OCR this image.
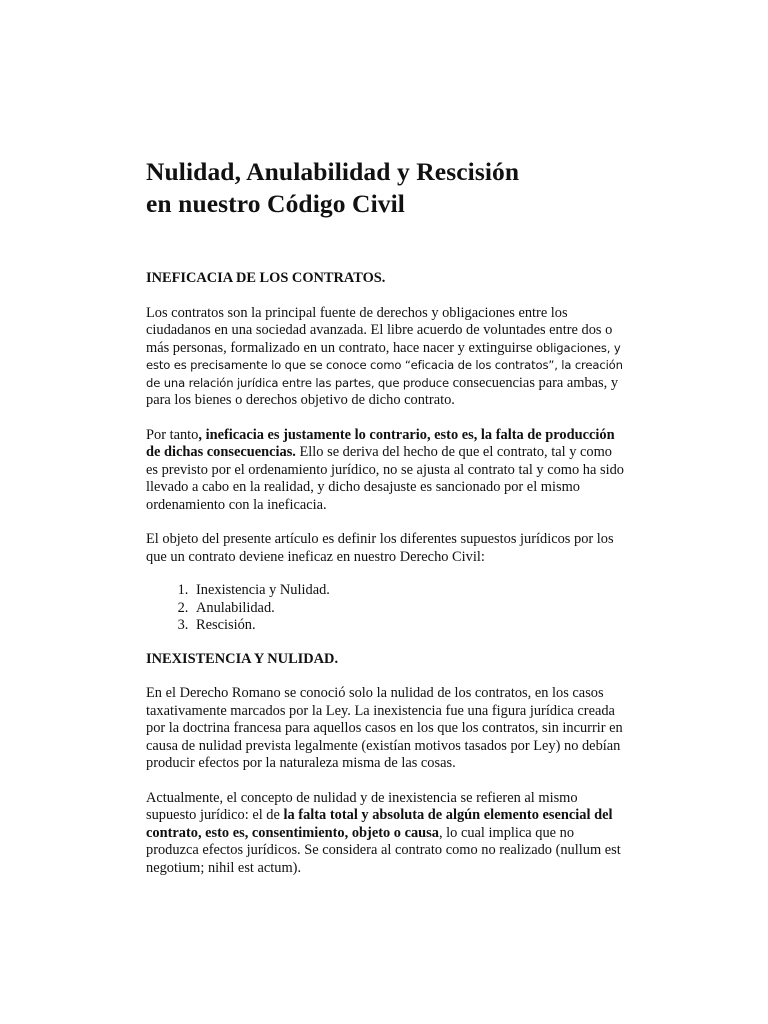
Nulidad, Anulabilidad y Rescisión
en nuestro Código Civil

INEFICACIA DE LOS CONTRATOS.

Los contratos son la principal fuente de derechos y obligaciones entre los ciudadanos en una sociedad avanzada. El libre acuerdo de voluntades entre dos o más personas, formalizado en un contrato, hace nacer y extinguirse obligaciones, y esto es precisamente lo que se conoce como “eficacia de los contratos”, la creación de una relación jurídica entre las partes, que produce consecuencias para ambas, y para los bienes o derechos objetivo de dicho contrato.

Por tanto, ineficacia es justamente lo contrario, esto es, la falta de producción de dichas consecuencias. Ello se deriva del hecho de que el contrato, tal y como es previsto por el ordenamiento jurídico, no se ajusta al contrato tal y como ha sido llevado a cabo en la realidad, y dicho desajuste es sancionado por el mismo ordenamiento con la ineficacia.

El objeto del presente artículo es definir los diferentes supuestos jurídicos por los que un contrato deviene ineficaz en nuestro Derecho Civil:

1. Inexistencia y Nulidad.
2. Anulabilidad.
3. Rescisión.

INEXISTENCIA Y NULIDAD.

En el Derecho Romano se conoció solo la nulidad de los contratos, en los casos taxativamente marcados por la Ley. La inexistencia fue una figura jurídica creada por la doctrina francesa para aquellos casos en los que los contratos, sin incurrir en causa de nulidad prevista legalmente (existían motivos tasados por Ley) no debían producir efectos por la naturaleza misma de las cosas.

Actualmente, el concepto de nulidad y de inexistencia se refieren al mismo supuesto jurídico: el de la falta total y absoluta de algún elemento esencial del contrato, esto es, consentimiento, objeto o causa, lo cual implica que no produzca efectos jurídicos. Se considera al contrato como no realizado (nullum est negotium; nihil est actum).
